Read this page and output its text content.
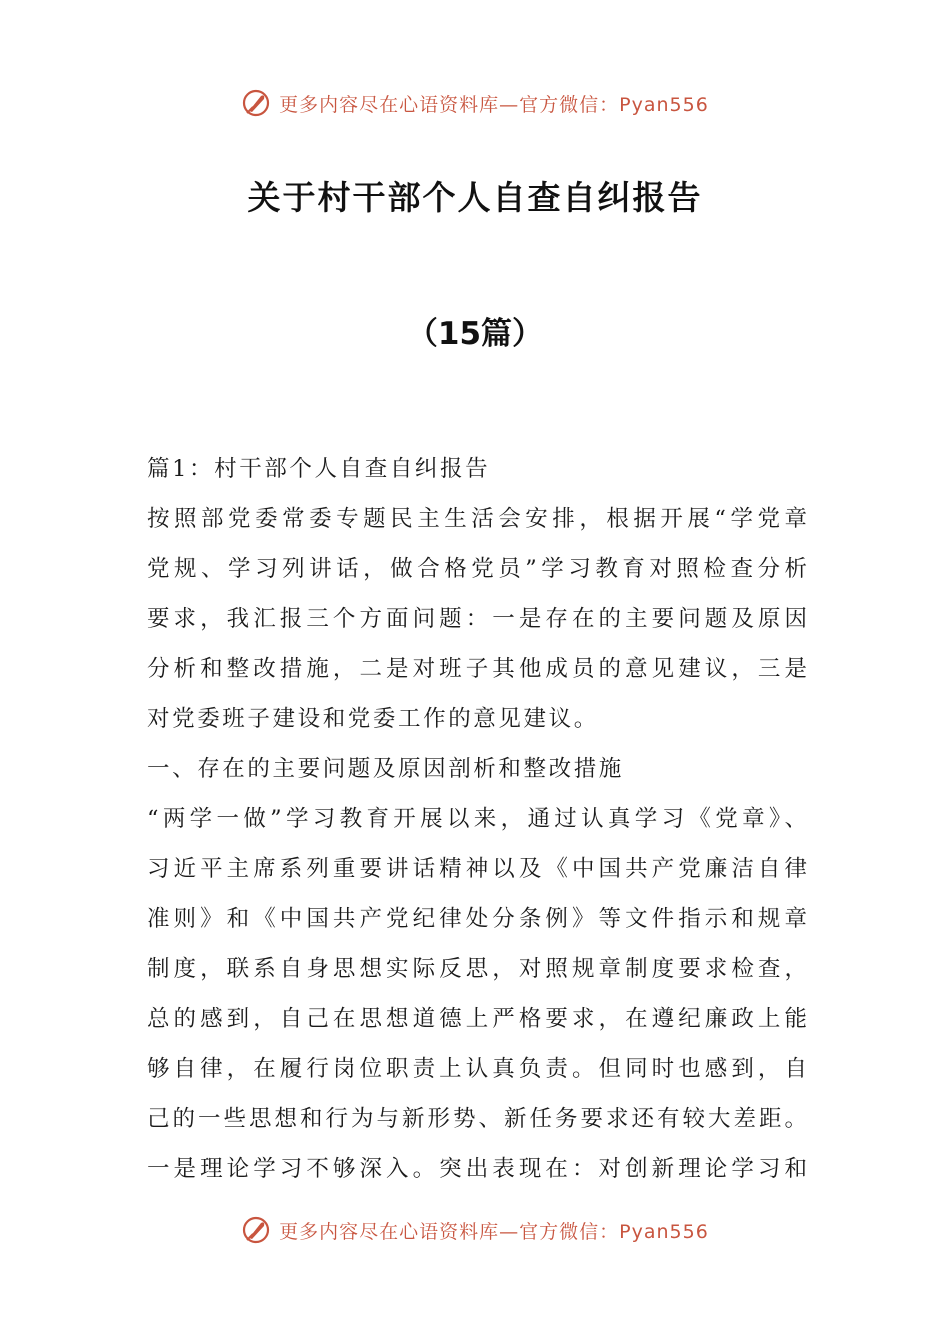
更多内容尽在心语资料库—官方微信：Pyan556
关于村干部个人自查自纠报告
（15篇）
篇1：村干部个人自查自纠报告
按照部党委常委专题民主生活会安排，根据开展“学党章
党规、学习列讲话，做合格党员”学习教育对照检查分析
要求，我汇报三个方面问题：一是存在的主要问题及原因
分析和整改措施，二是对班子其他成员的意见建议，三是
对党委班子建设和党委工作的意见建议。
一、存在的主要问题及原因剖析和整改措施
“两学一做”学习教育开展以来，通过认真学习《党章》、
习近平主席系列重要讲话精神以及《中国共产党廉洁自律
准则》和《中国共产党纪律处分条例》等文件指示和规章
制度，联系自身思想实际反思，对照规章制度要求检查，
总的感到，自己在思想道德上严格要求，在遵纪廉政上能
够自律，在履行岗位职责上认真负责。但同时也感到，自
己的一些思想和行为与新形势、新任务要求还有较大差距。
一是理论学习不够深入。突出表现在：对创新理论学习和
更多内容尽在心语资料库—官方微信：Pyan556
